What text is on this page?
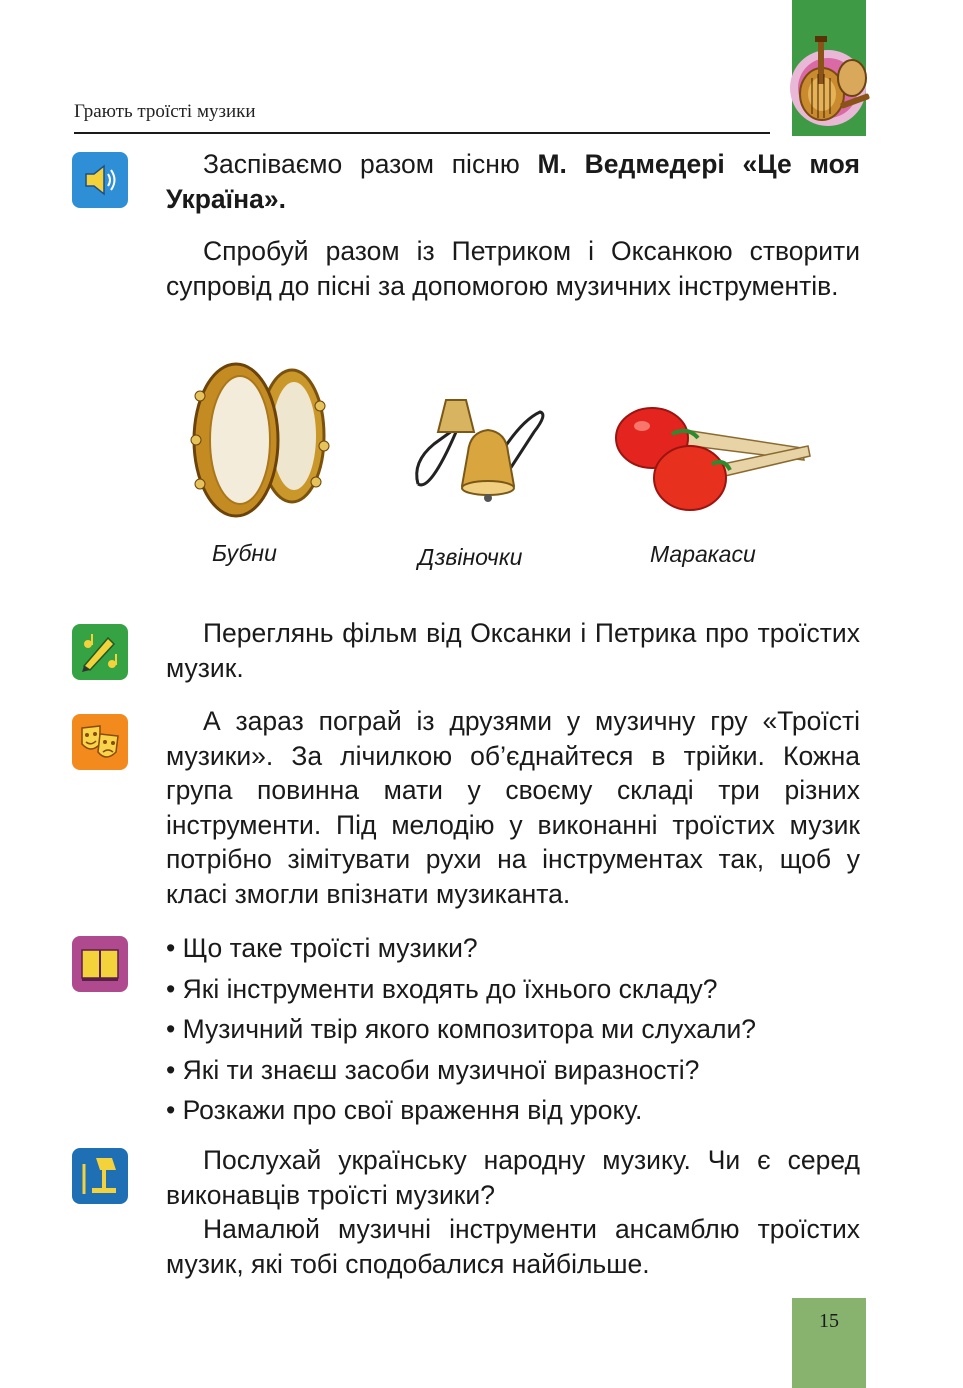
Грають троїсті музики

Заспіваємо разом пісню М. Ведмедері «Це моя Україна».

Спробуй разом із Петриком і Оксанкою створити супровід до пісні за допомогою музичних інструментів.

Бубни	Дзвіночки	Маракаси

Переглянь фільм від Оксанки і Петрика про троїстих музик.

А зараз пограй із друзями у музичну гру «Троїсті музики». За лічилкою об’єднайтеся в трійки. Кожна група повинна мати у своєму складі три різних інструменти. Під мелодію у виконанні троїстих музик потрібно зімітувати рухи на інструментах так, щоб у класі змогли впізнати музиканта.

• Що таке троїсті музики?
• Які інструменти входять до їхнього складу?
• Музичний твір якого композитора ми слухали?
• Які ти знаєш засоби музичної виразності?
• Розкажи про свої враження від уроку.

Послухай українську народну музику. Чи є серед виконавців троїсті музики?

Намалюй музичні інструменти ансамблю троїстих музик, які тобі сподобалися найбільше.

15
